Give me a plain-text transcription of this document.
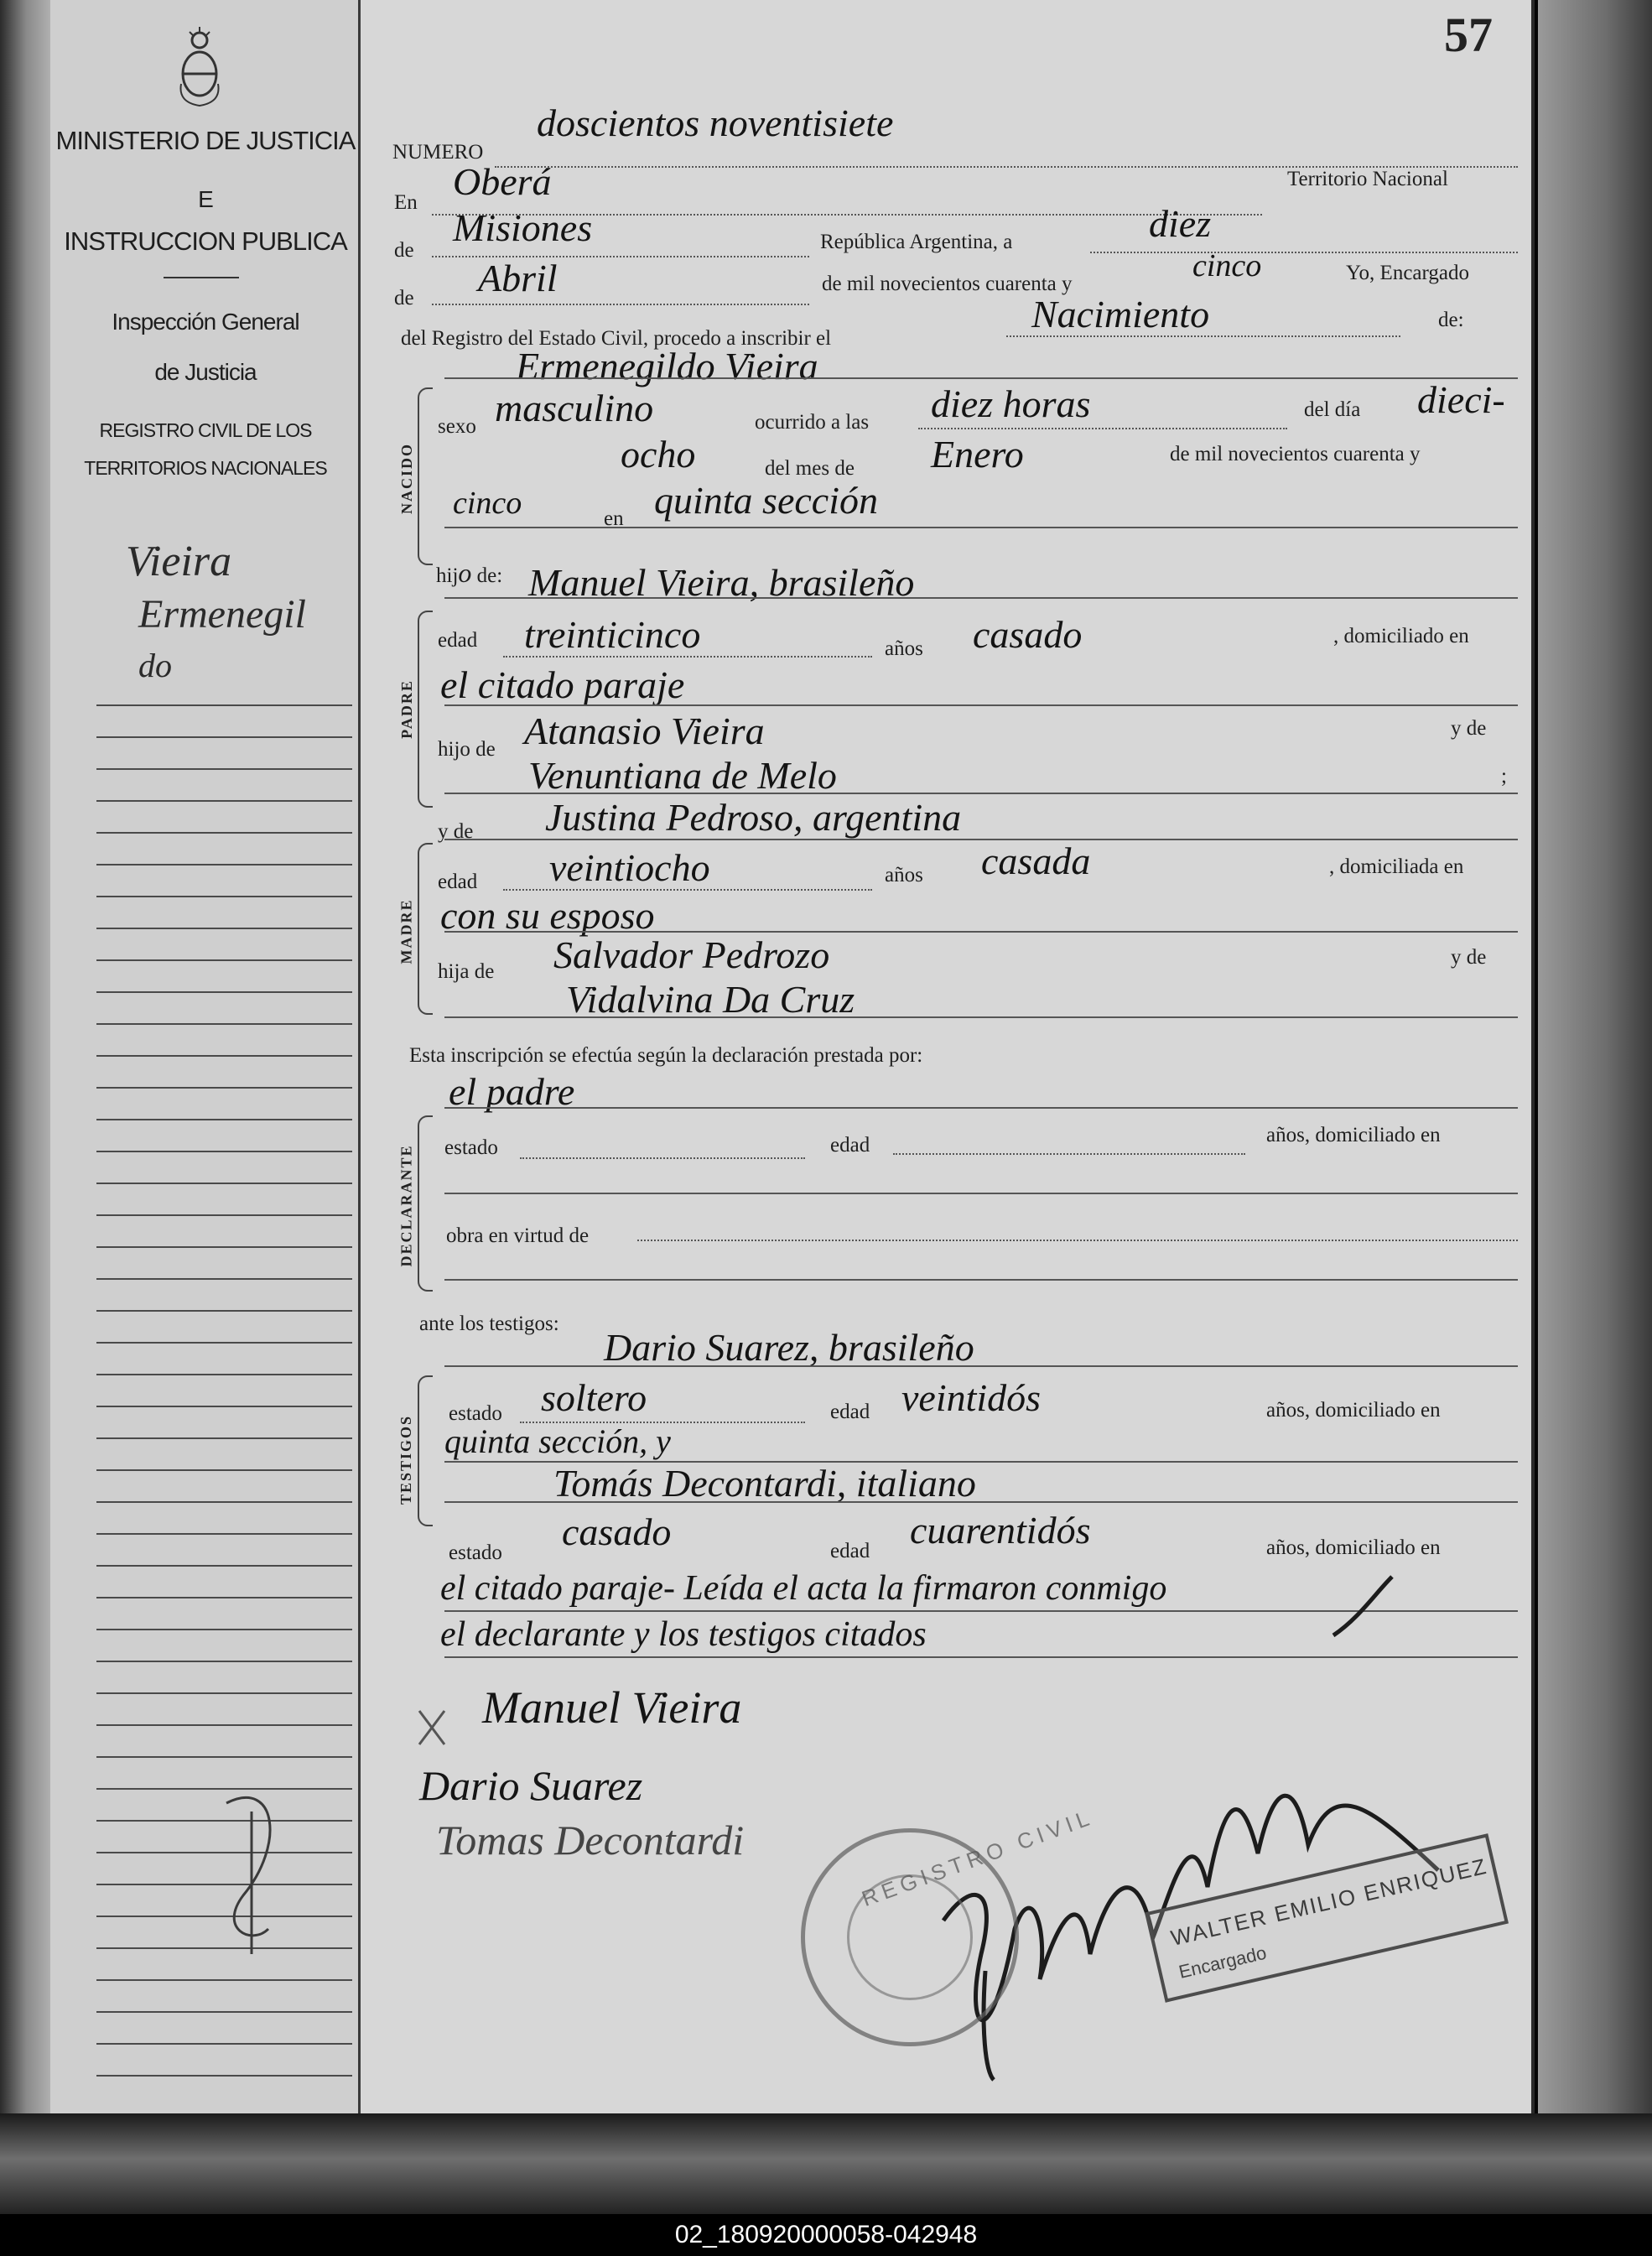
MINISTERIO DE JUSTICIA
E
INSTRUCCION PUBLICA
Inspección General
de Justicia
REGISTRO CIVIL DE LOS
TERRITORIOS NACIONALES
Vieira
Ermenegil
do
57
NUMERO
doscientos noventisiete
En Oberá	Territorio Nacional
de
Misiones	República Argentina, a	diez
de Abril	de mil novecientos cuarenta y
cinco	Yo, Encargado
del Registro del Estado Civil, procedo a inscribir el
Nacimiento	de:
Ermenegildo Vieira
NACIDO
sexo masculino	ocurrido a las diez horas	del día dieci-
ocho	del mes de Enero	de mil novecientos cuarenta y
cinco	en quinta sección
hijo de: Manuel Vieira, brasileño
PADRE
edad treinticinco	años casado	, domiciliado en
el citado paraje
hijo de Atanasio Vieira	y de
Venuntiana de Melo	;
y de Justina Pedroso, argentina
MADRE
edad veintiocho	años casada	, domiciliada en
con su esposo
hija de Salvador Pedrozo	y de
Vidalvina Da Cruz
Esta inscripción se efectúa según la declaración prestada por:
el padre
DECLARANTE estado	edad	años, domiciliado en
obra en virtud de
ante los testigos:
Dario Suarez, brasileño
TESTIGOS
estado soltero	edad veintidós	años, domiciliado en
quinta sección, y
Tomás Decontardi, italiano
estado casado	edad cuarentidós	años, domiciliado en
el citado paraje- Leída el acta la firmaron conmigo
el declarante y los testigos citados
Manuel Vieira
Dario Suarez
Tomas Decontardi	REGISTRO CIVIL	WALTER EMILIO ENRIQUEZ
Encargado
02_180920000058-042948
